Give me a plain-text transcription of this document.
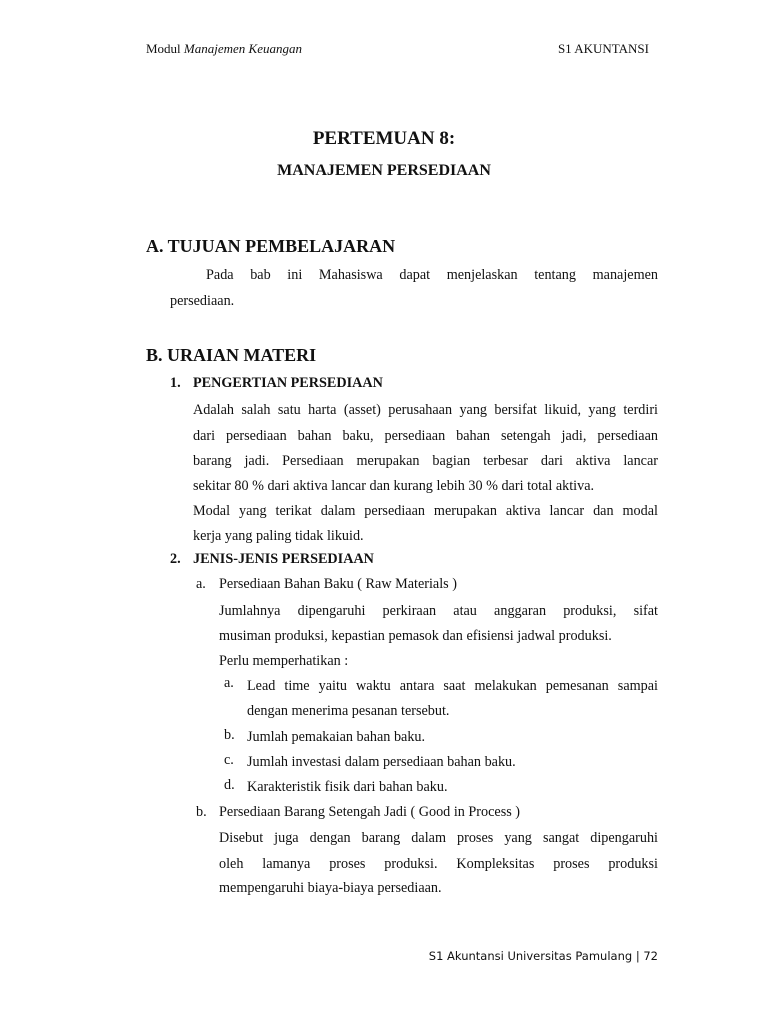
Modul Manajemen Keuangan	S1 AKUNTANSI
PERTEMUAN 8:
MANAJEMEN PERSEDIAAN
A. TUJUAN PEMBELAJARAN
Pada bab ini Mahasiswa dapat menjelaskan tentang manajemen
persediaan.
B. URAIAN MATERI
1. PENGERTIAN PERSEDIAAN
Adalah salah satu harta (asset) perusahaan yang bersifat likuid, yang terdiri
dari persediaan bahan baku, persediaan bahan setengah jadi, persediaan
barang jadi. Persediaan merupakan bagian terbesar dari aktiva lancar
sekitar 80 % dari aktiva lancar dan kurang lebih 30 % dari total aktiva.
Modal yang terikat dalam persediaan merupakan aktiva lancar dan modal
kerja yang paling tidak likuid.
2. JENIS-JENIS PERSEDIAAN
a. Persediaan Bahan Baku ( Raw Materials )
Jumlahnya dipengaruhi perkiraan atau anggaran produksi, sifat
musiman produksi, kepastian pemasok dan efisiensi jadwal produksi.
Perlu memperhatikan :
a. Lead time yaitu waktu antara saat melakukan pemesanan sampai
dengan menerima pesanan tersebut.
b. Jumlah pemakaian bahan baku.
c. Jumlah investasi dalam persediaan bahan baku.
d. Karakteristik fisik dari bahan baku.
b. Persediaan Barang Setengah Jadi ( Good in Process )
Disebut juga dengan barang dalam proses yang sangat dipengaruhi
oleh lamanya proses produksi. Kompleksitas proses produksi
mempengaruhi biaya-biaya persediaan.
S1 Akuntansi Universitas Pamulang | 72
